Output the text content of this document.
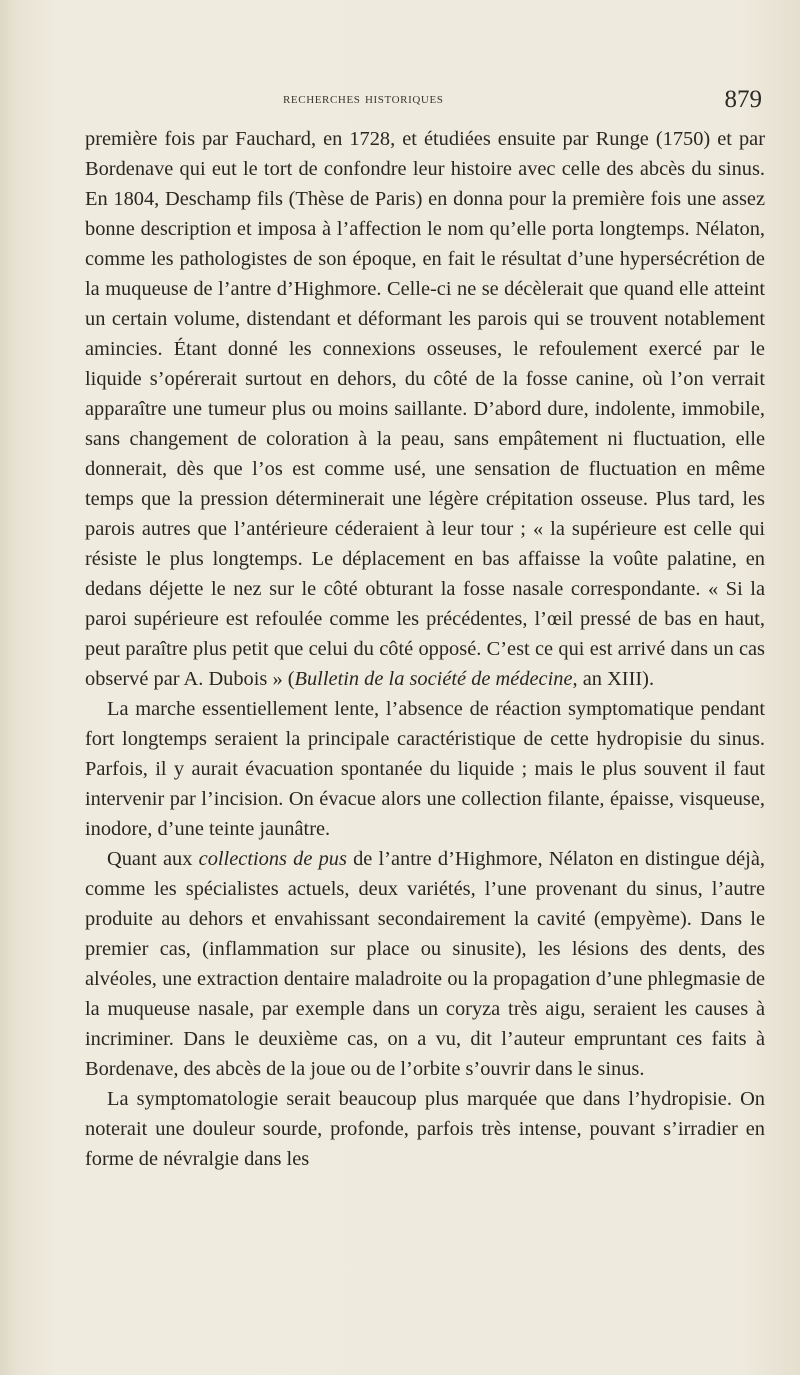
recherches historiques	879

première fois par Fauchard, en 1728, et étudiées ensuite par Runge (1750) et par Bordenave qui eut le tort de confondre leur histoire avec celle des abcès du sinus. En 1804, Deschamp fils (Thèse de Paris) en donna pour la première fois une assez bonne description et imposa à l’affection le nom qu’elle porta longtemps. Nélaton, comme les pathologistes de son époque, en fait le résultat d’une hypersécrétion de la muqueuse de l’antre d’Highmore. Celle-ci ne se décèlerait que quand elle atteint un certain volume, distendant et déformant les parois qui se trouvent notablement amincies. Étant donné les connexions osseuses, le refoulement exercé par le liquide s’opérerait surtout en dehors, du côté de la fosse canine, où l’on verrait apparaître une tumeur plus ou moins saillante. D’abord dure, indolente, immobile, sans changement de coloration à la peau, sans empâtement ni fluctuation, elle donnerait, dès que l’os est comme usé, une sensation de fluctuation en même temps que la pression déterminerait une légère crépitation osseuse. Plus tard, les parois autres que l’antérieure céderaient à leur tour ; « la supérieure est celle qui résiste le plus longtemps. Le déplacement en bas affaisse la voûte palatine, en dedans déjette le nez sur le côté obturant la fosse nasale correspondante. « Si la paroi supérieure est refoulée comme les précédentes, l’œil pressé de bas en haut, peut paraître plus petit que celui du côté opposé. C’est ce qui est arrivé dans un cas observé par A. Dubois » (Bulletin de la société de médecine, an XIII).

La marche essentiellement lente, l’absence de réaction symptomatique pendant fort longtemps seraient la principale caractéristique de cette hydropisie du sinus. Parfois, il y aurait évacuation spontanée du liquide ; mais le plus souvent il faut intervenir par l’incision. On évacue alors une collection filante, épaisse, visqueuse, inodore, d’une teinte jaunâtre.

Quant aux collections de pus de l’antre d’Highmore, Nélaton en distingue déjà, comme les spécialistes actuels, deux variétés, l’une provenant du sinus, l’autre produite au dehors et envahissant secondairement la cavité (empyème). Dans le premier cas, (inflammation sur place ou sinusite), les lésions des dents, des alvéoles, une extraction dentaire maladroite ou la propagation d’une phlegmasie de la muqueuse nasale, par exemple dans un coryza très aigu, seraient les causes à incriminer. Dans le deuxième cas, on a vu, dit l’auteur empruntant ces faits à Bordenave, des abcès de la joue ou de l’orbite s’ouvrir dans le sinus.

La symptomatologie serait beaucoup plus marquée que dans l’hydropisie. On noterait une douleur sourde, profonde, parfois très intense, pouvant s’irradier en forme de névralgie dans les
